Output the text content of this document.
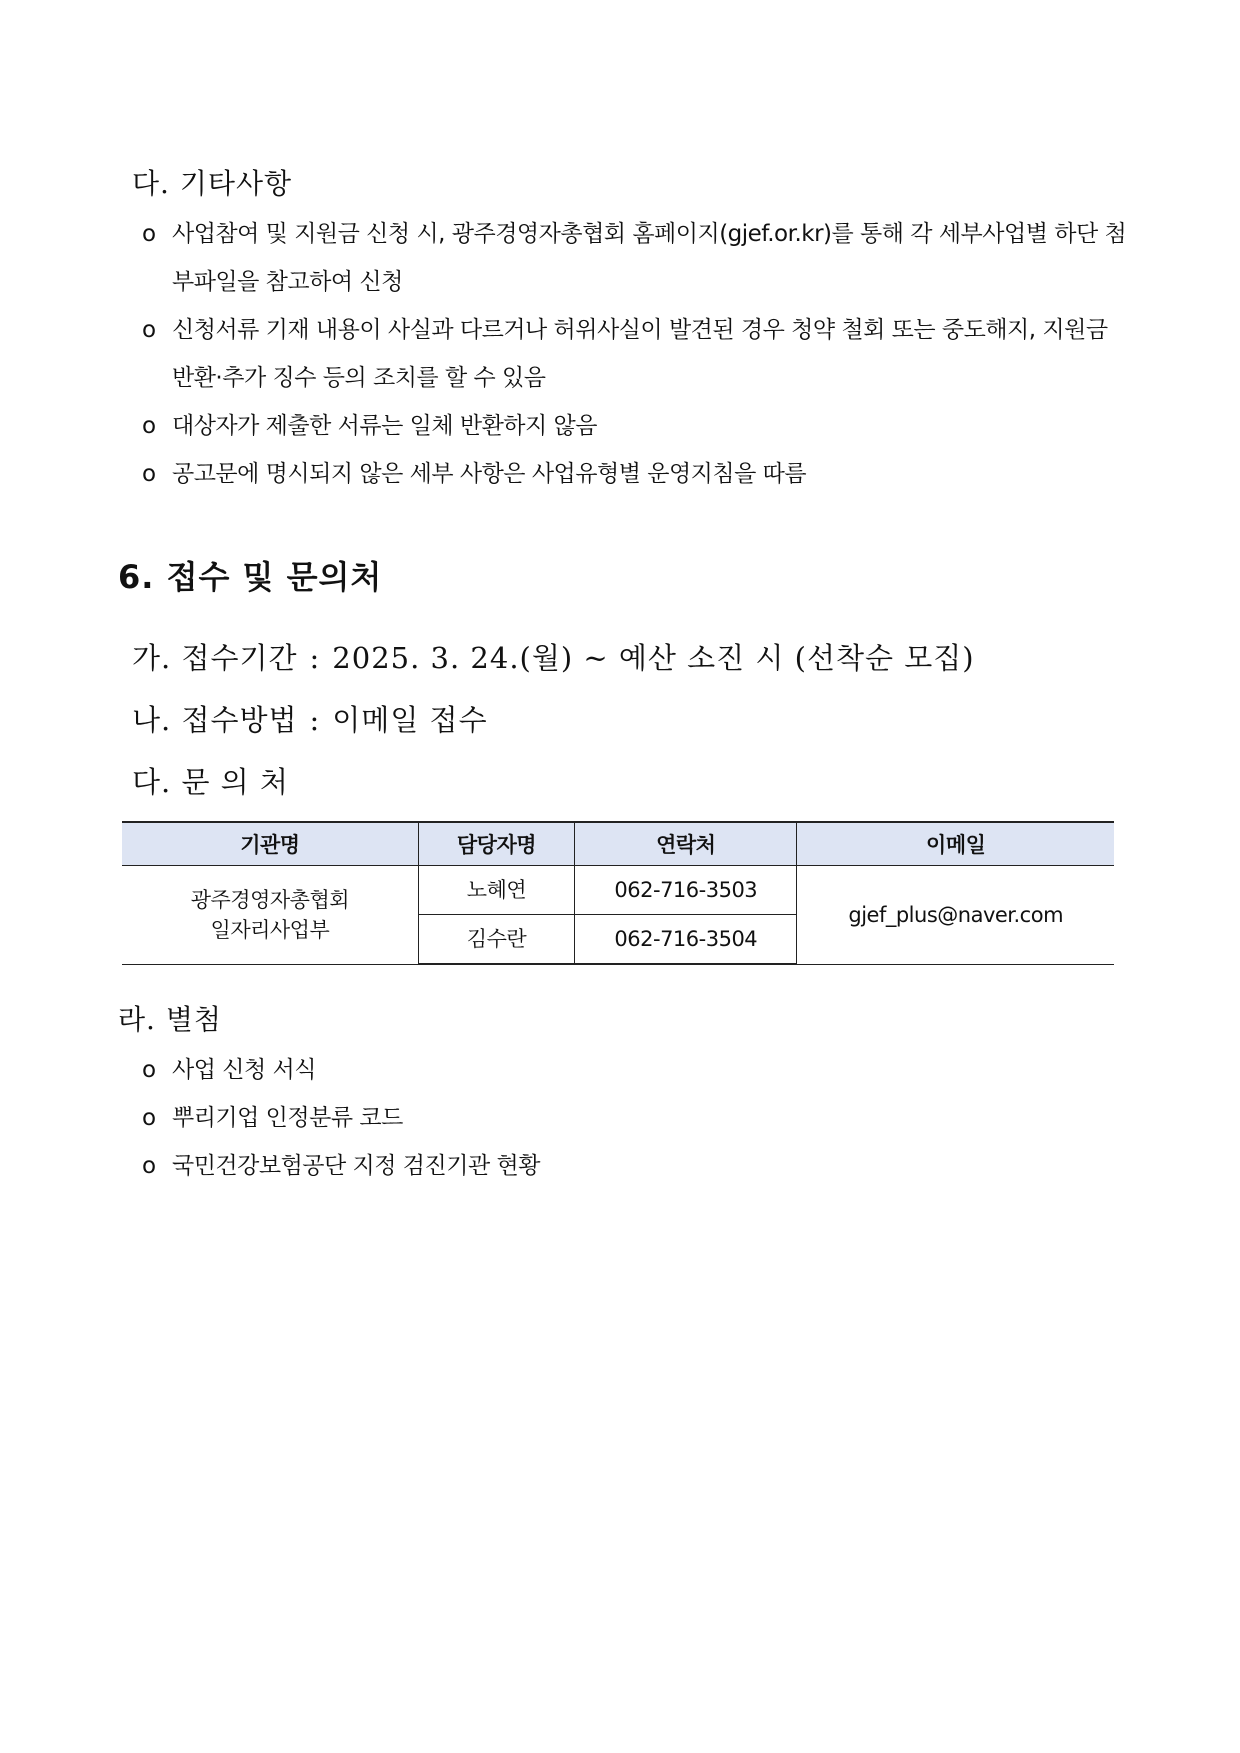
다. 기타사항
o 사업참여 및 지원금 신청 시, 광주경영자총협회 홈페이지(gjef.or.kr)를 통해 각 세부사업별 하단 첨부파일을 참고하여 신청
o 신청서류 기재 내용이 사실과 다르거나 허위사실이 발견된 경우 청약 철회 또는 중도해지, 지원금 반환·추가 징수 등의 조치를 할 수 있음
o 대상자가 제출한 서류는 일체 반환하지 않음
o 공고문에 명시되지 않은 세부 사항은 사업유형별 운영지침을 따름
6. 접수 및 문의처
가. 접수기간 : 2025. 3. 24.(월) ~ 예산 소진 시 (선착순 모집)
나. 접수방법 : 이메일 접수
다. 문 의 처
기관명	담당자명	연락처	이메일

광주경영자총협회
일자리사업부	노혜연	062-716-3503	gjef_plus@naver.com
	김수란	062-716-3504	
라. 별첨
o 사업 신청 서식
o 뿌리기업 인정분류 코드
o 국민건강보험공단 지정 검진기관 현황
